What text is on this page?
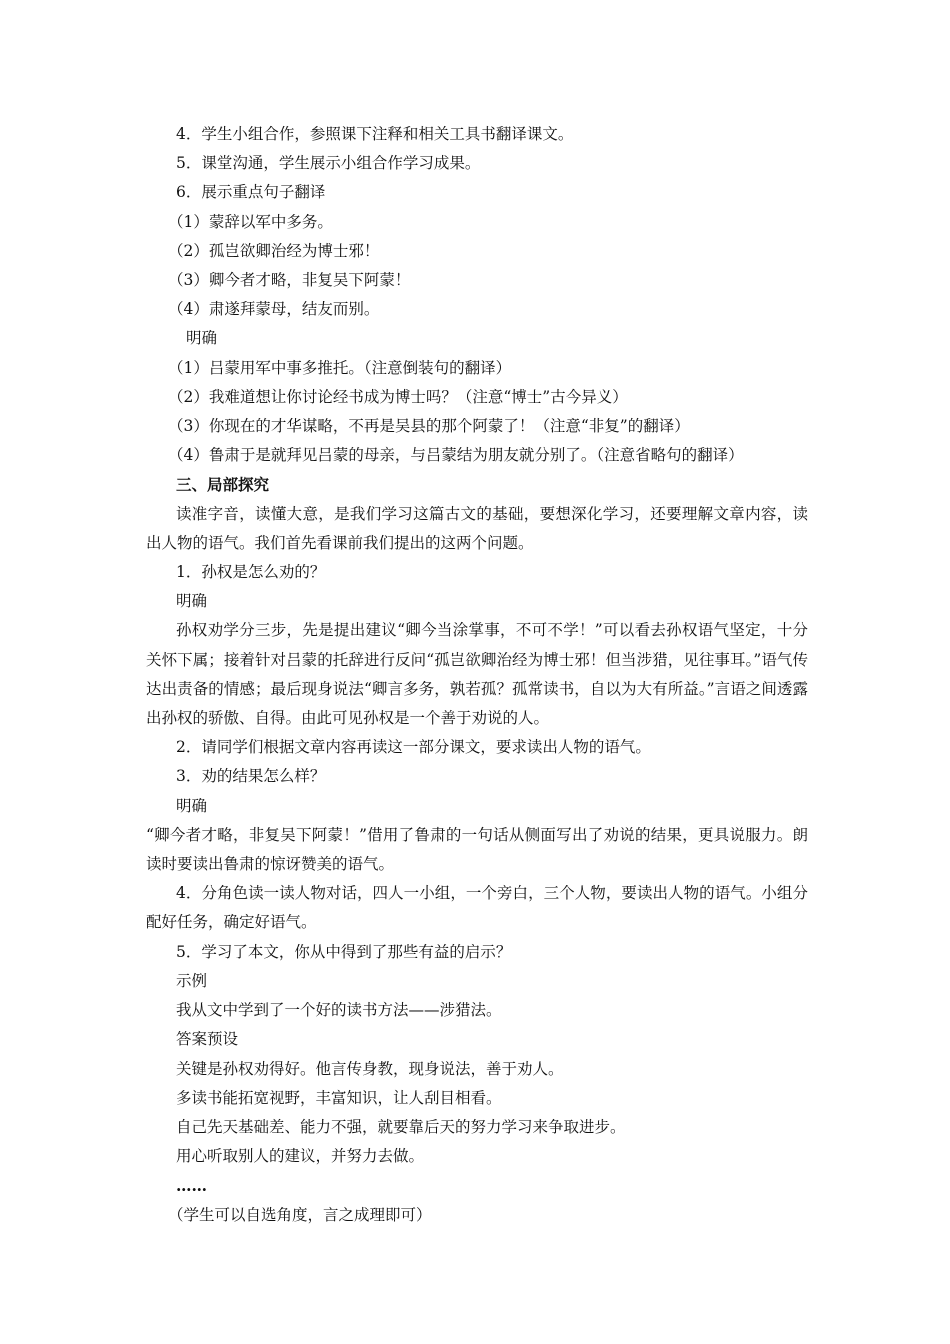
4．学生小组合作，参照课下注释和相关工具书翻译课文。
5．课堂沟通，学生展示小组合作学习成果。
6．展示重点句子翻译
（1）蒙辞以军中多务。
（2）孤岂欲卿治经为博士邪！
（3）卿今者才略，非复吴下阿蒙！
（4）肃遂拜蒙母，结友而别。
明确
（1）吕蒙用军中事多推托。（注意倒装句的翻译）
（2）我难道想让你讨论经书成为博士吗？（注意“博士”古今异义）
（3）你现在的才华谋略，不再是吴县的那个阿蒙了！（注意“非复”的翻译）
（4）鲁肃于是就拜见吕蒙的母亲，与吕蒙结为朋友就分别了。（注意省略句的翻译）
三、局部探究
读准字音，读懂大意，是我们学习这篇古文的基础，要想深化学习，还要理解文章内容，读出人物的语气。我们首先看课前我们提出的这两个问题。
1．孙权是怎么劝的？
明确
孙权劝学分三步，先是提出建议“卿今当涂掌事，不可不学！”可以看去孙权语气坚定，十分关怀下属；接着针对吕蒙的托辞进行反问“孤岂欲卿治经为博士邪！但当涉猎，见往事耳。”语气传达出责备的情感；最后现身说法“卿言多务，孰若孤？孤常读书，自以为大有所益。”言语之间透露出孙权的骄傲、自得。由此可见孙权是一个善于劝说的人。
2．请同学们根据文章内容再读这一部分课文，要求读出人物的语气。
3．劝的结果怎么样？
明确
“卿今者才略，非复吴下阿蒙！”借用了鲁肃的一句话从侧面写出了劝说的结果，更具说服力。朗读时要读出鲁肃的惊讶赞美的语气。
4．分角色读一读人物对话，四人一小组，一个旁白，三个人物，要读出人物的语气。小组分配好任务，确定好语气。
5．学习了本文，你从中得到了那些有益的启示？
示例
我从文中学到了一个好的读书方法——涉猎法。
答案预设
关键是孙权劝得好。他言传身教，现身说法，善于劝人。
多读书能拓宽视野，丰富知识，让人刮目相看。
自己先天基础差、能力不强，就要靠后天的努力学习来争取进步。
用心听取别人的建议，并努力去做。
……
（学生可以自选角度，言之成理即可）
